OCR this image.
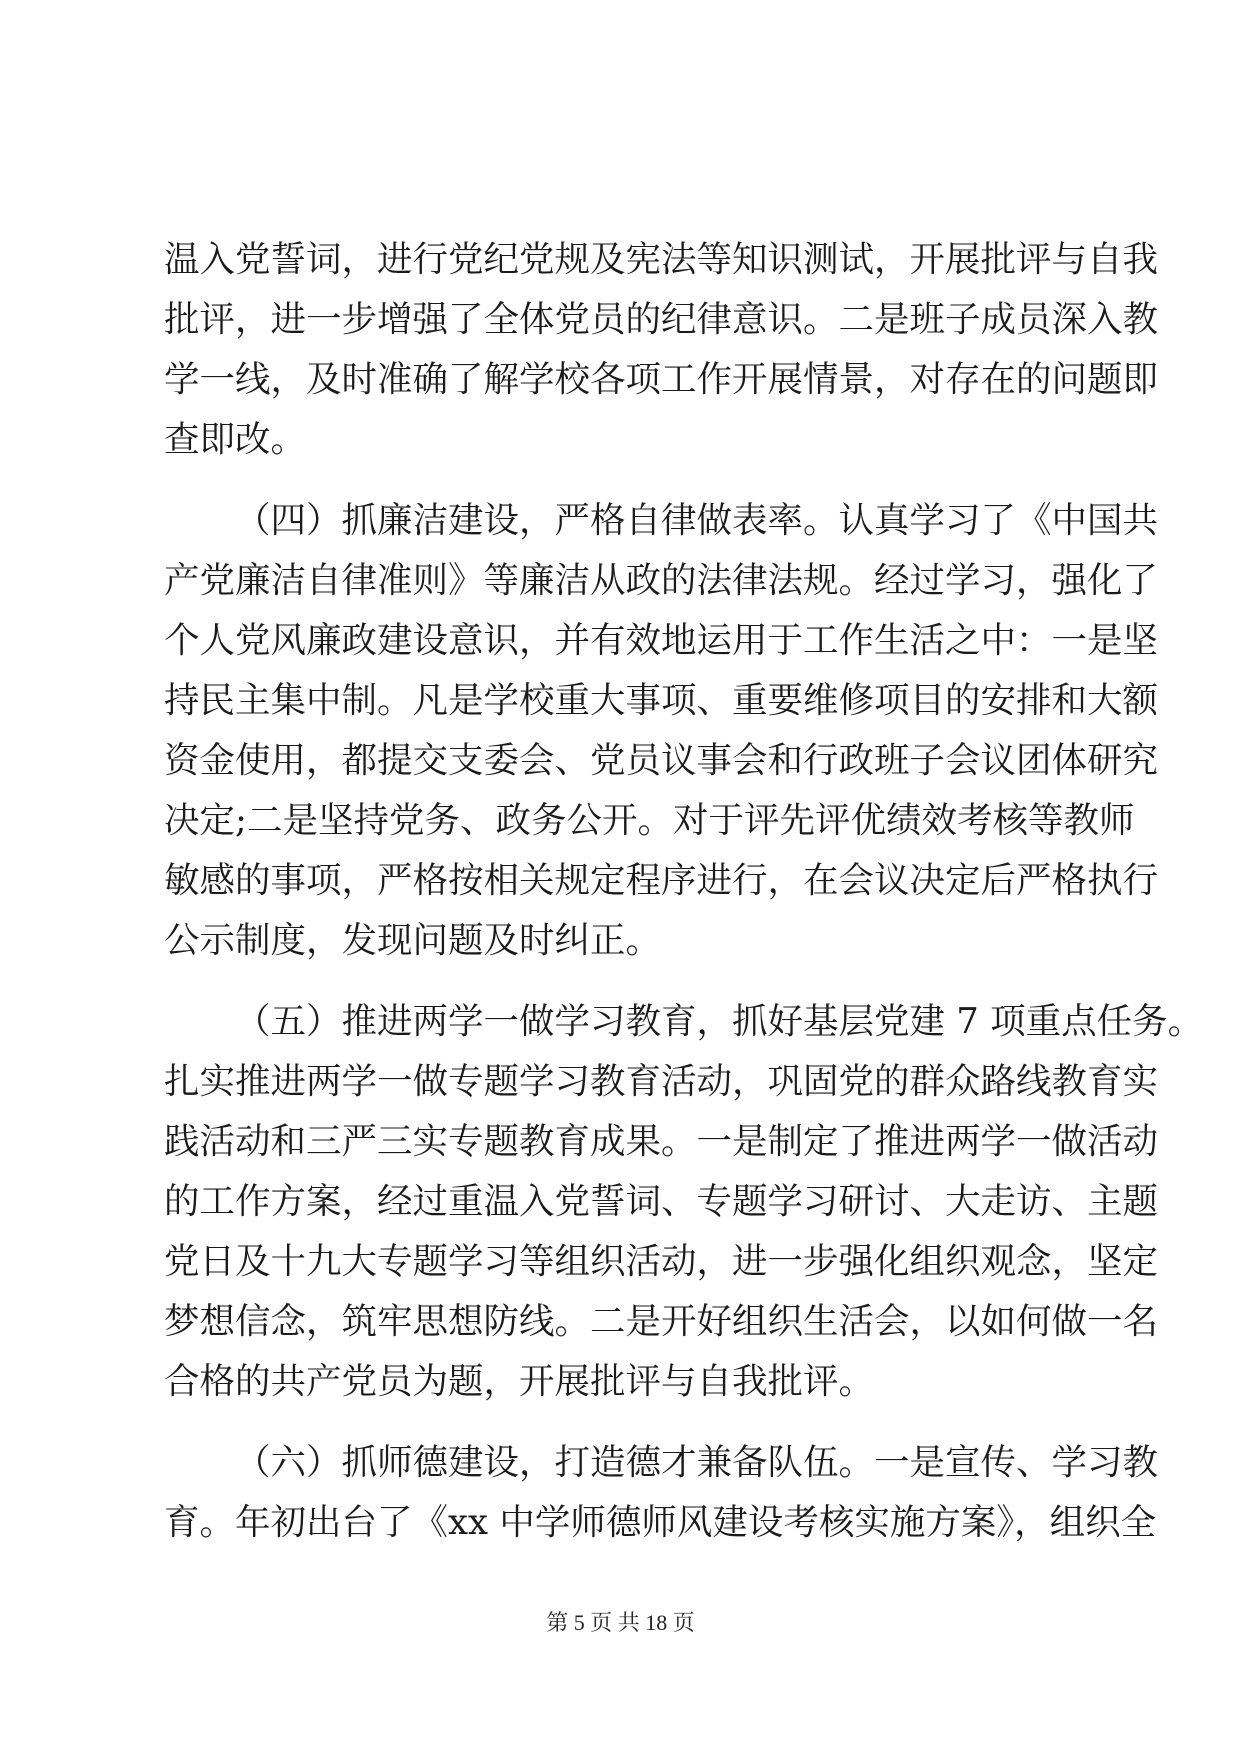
温入党誓词，进行党纪党规及宪法等知识测试，开展批评与自我
批评，进一步增强了全体党员的纪律意识。二是班子成员深入教
学一线，及时准确了解学校各项工作开展情景，对存在的问题即
查即改。
（四）抓廉洁建设，严格自律做表率。认真学习了《中国共
产党廉洁自律准则》等廉洁从政的法律法规。经过学习，强化了
个人党风廉政建设意识，并有效地运用于工作生活之中：一是坚
持民主集中制。凡是学校重大事项、重要维修项目的安排和大额
资金使用，都提交支委会、党员议事会和行政班子会议团体研究
决定;二是坚持党务、政务公开。对于评先评优绩效考核等教师
敏感的事项，严格按相关规定程序进行，在会议决定后严格执行
公示制度，发现问题及时纠正。
（五）推进两学一做学习教育，抓好基层党建 7 项重点任务。
扎实推进两学一做专题学习教育活动，巩固党的群众路线教育实
践活动和三严三实专题教育成果。一是制定了推进两学一做活动
的工作方案，经过重温入党誓词、专题学习研讨、大走访、主题
党日及十九大专题学习等组织活动，进一步强化组织观念，坚定
梦想信念，筑牢思想防线。二是开好组织生活会，以如何做一名
合格的共产党员为题，开展批评与自我批评。
（六）抓师德建设，打造德才兼备队伍。一是宣传、学习教
育。年初出台了《xx 中学师德师风建设考核实施方案》，组织全
第 5 页 共 18 页
